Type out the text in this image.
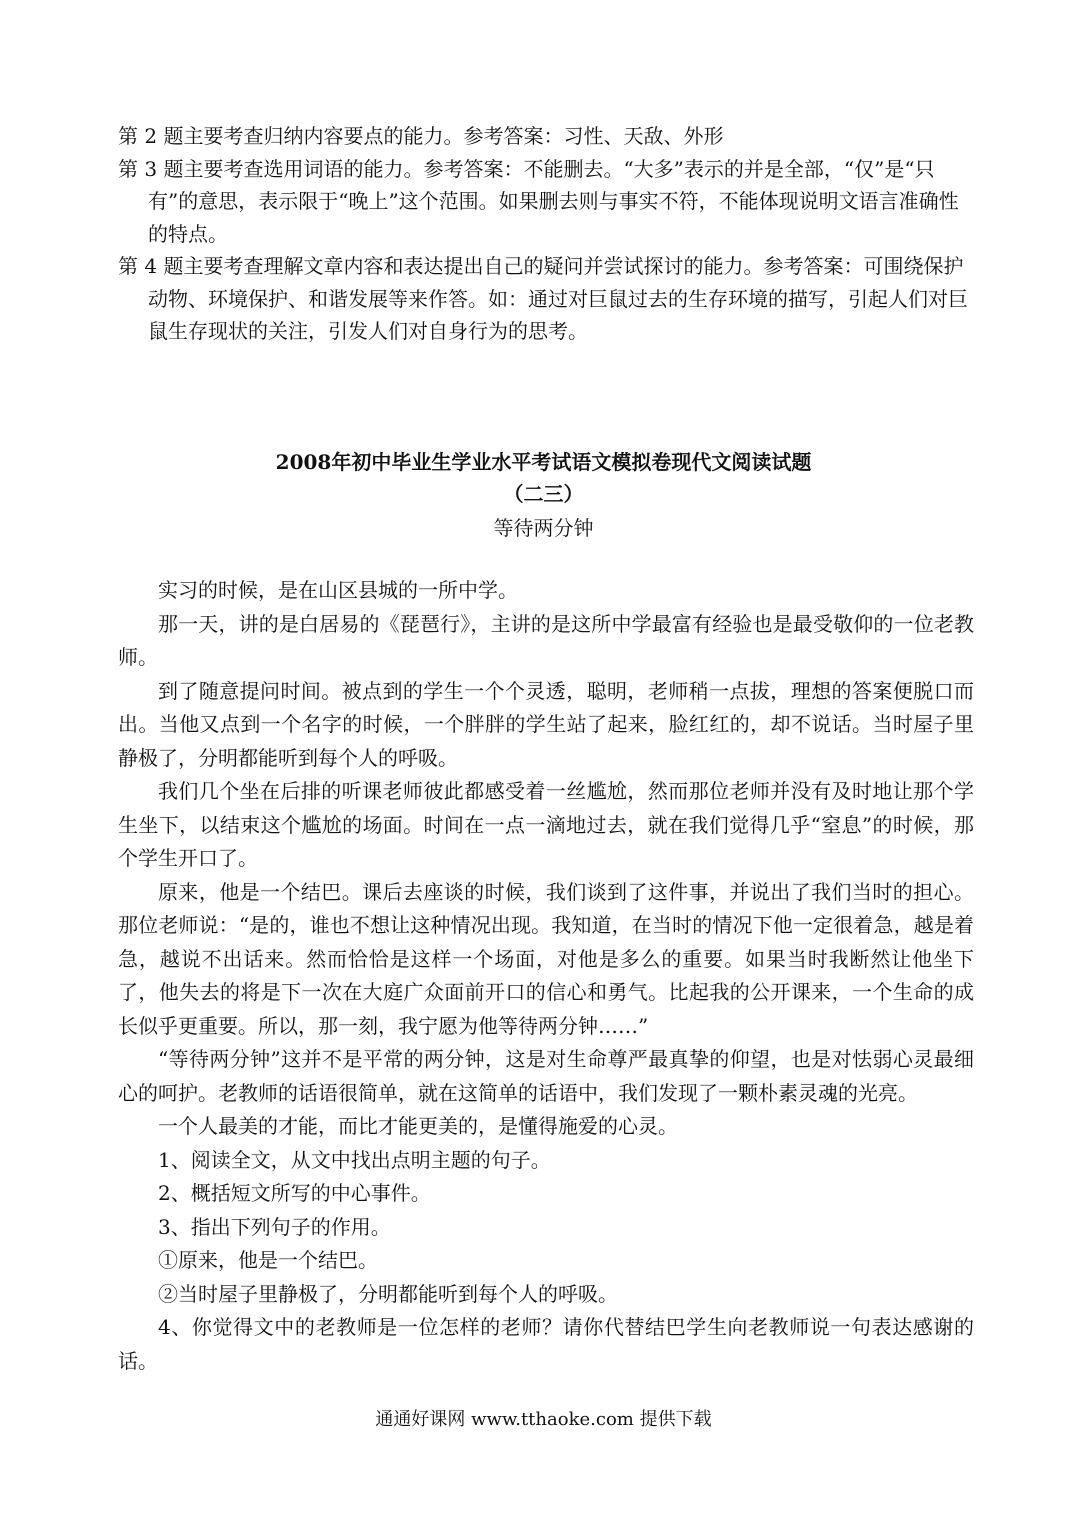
第 2 题主要考查归纳内容要点的能力。参考答案：习性、天敌、外形

第 3 题主要考查选用词语的能力。参考答案：不能删去。“大多”表示的并是全部，“仅”是“只有”的意思，表示限于“晚上”这个范围。如果删去则与事实不符，不能体现说明文语言准确性的特点。

第 4 题主要考查理解文章内容和表达提出自己的疑问并尝试探讨的能力。参考答案：可围绕保护动物、环境保护、和谐发展等来作答。如：通过对巨鼠过去的生存环境的描写，引起人们对巨鼠生存现状的关注，引发人们对自身行为的思考。

2008年初中毕业生学业水平考试语文模拟卷现代文阅读试题

（二三）

等待两分钟

实习的时候，是在山区县城的一所中学。

那一天，讲的是白居易的《琵琶行》，主讲的是这所中学最富有经验也是最受敬仰的一位老教师。

到了随意提问时间。被点到的学生一个个灵透，聪明，老师稍一点拔，理想的答案便脱口而出。当他又点到一个名字的时候，一个胖胖的学生站了起来，脸红红的，却不说话。当时屋子里静极了，分明都能听到每个人的呼吸。

我们几个坐在后排的听课老师彼此都感受着一丝尴尬，然而那位老师并没有及时地让那个学生坐下，以结束这个尴尬的场面。时间在一点一滴地过去，就在我们觉得几乎“窒息”的时候，那个学生开口了。

原来，他是一个结巴。课后去座谈的时候，我们谈到了这件事，并说出了我们当时的担心。那位老师说：“是的，谁也不想让这种情况出现。我知道，在当时的情况下他一定很着急，越是着急，越说不出话来。然而恰恰是这样一个场面，对他是多么的重要。如果当时我断然让他坐下了，他失去的将是下一次在大庭广众面前开口的信心和勇气。比起我的公开课来，一个生命的成长似乎更重要。所以，那一刻，我宁愿为他等待两分钟……”

“等待两分钟”这并不是平常的两分钟，这是对生命尊严最真挚的仰望，也是对怯弱心灵最细心的呵护。老教师的话语很简单，就在这简单的话语中，我们发现了一颗朴素灵魂的光亮。

一个人最美的才能，而比才能更美的，是懂得施爱的心灵。

1、阅读全文，从文中找出点明主题的句子。

2、概括短文所写的中心事件。

3、指出下列句子的作用。

①原来，他是一个结巴。

②当时屋子里静极了，分明都能听到每个人的呼吸。

4、你觉得文中的老教师是一位怎样的老师？请你代替结巴学生向老教师说一句表达感谢的话。

通通好课网 www.tthaoke.com 提供下载
